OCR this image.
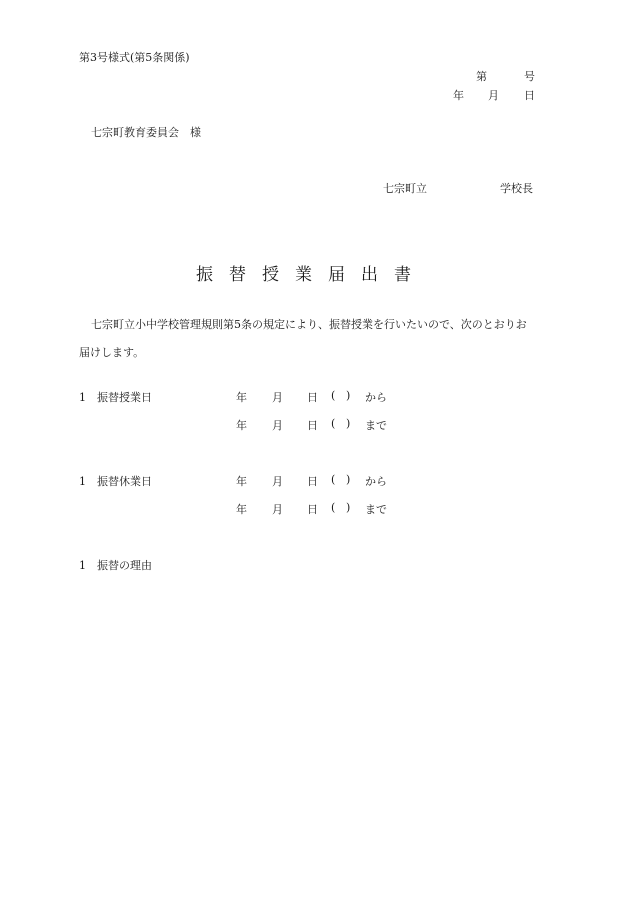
第3号様式(第5条関係)
第	号
年 月 日
七宗町教育委員会　様
七宗町立	学校長
振 替 授 業 届 出 書
七宗町立小中学校管理規則第5条の規定により、振替授業を行いたいので、次のとおりお
届けします。
1　振替授業日	年 月 日 ( ) から
年 月 日 ( ) まで
1　振替休業日	年 月 日 ( ) から
年 月 日 ( ) まで
1　振替の理由
